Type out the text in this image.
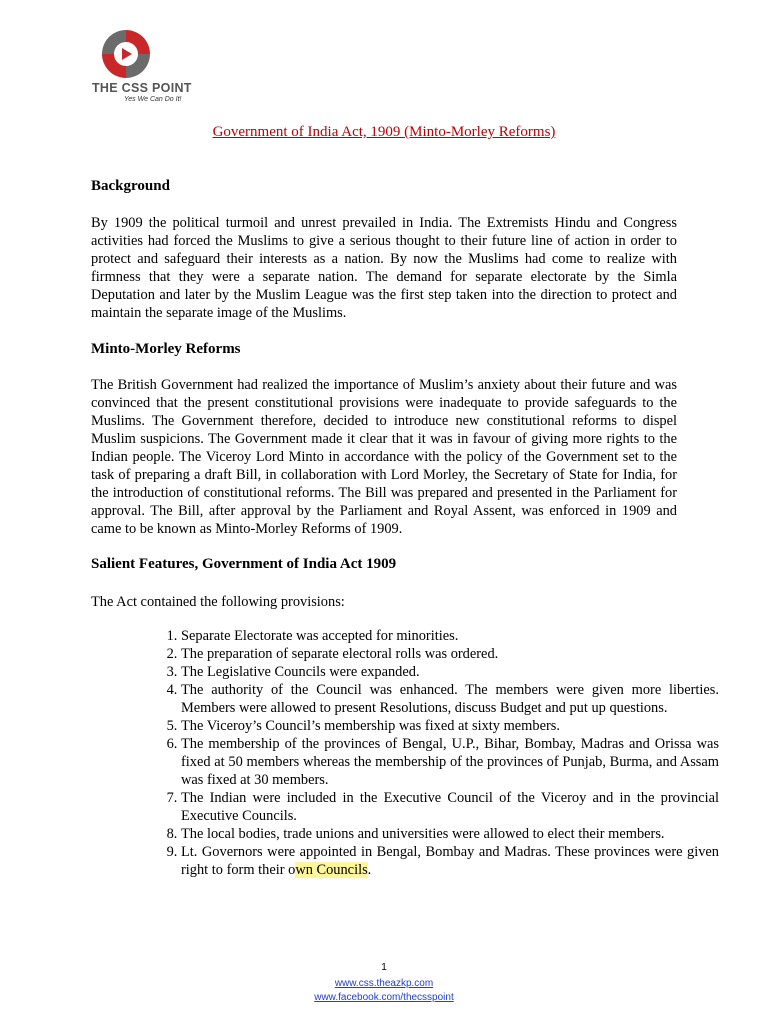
THE CSS POINT
Yes We Can Do It!
Government of India Act, 1909 (Minto-Morley Reforms)
Background
By 1909 the political turmoil and unrest prevailed in India. The Extremists Hindu and Congress activities had forced the Muslims to give a serious thought to their future line of action in order to protect and safeguard their interests as a nation. By now the Muslims had come to realize with firmness that they were a separate nation. The demand for separate electorate by the Simla Deputation and later by the Muslim League was the first step taken into the direction to protect and maintain the separate image of the Muslims.
Minto-Morley Reforms
The British Government had realized the importance of Muslim’s anxiety about their future and was convinced that the present constitutional provisions were inadequate to provide safeguards to the Muslims. The Government therefore, decided to introduce new constitutional reforms to dispel Muslim suspicions. The Government made it clear that it was in favour of giving more rights to the Indian people. The Viceroy Lord Minto in accordance with the policy of the Government set to the task of preparing a draft Bill, in collaboration with Lord Morley, the Secretary of State for India, for the introduction of constitutional reforms. The Bill was prepared and presented in the Parliament for approval. The Bill, after approval by the Parliament and Royal Assent, was enforced in 1909 and came to be known as Minto-Morley Reforms of 1909.
Salient Features, Government of India Act 1909
The Act contained the following provisions:
1. Separate Electorate was accepted for minorities.
2. The preparation of separate electoral rolls was ordered.
3. The Legislative Councils were expanded.
4. The authority of the Council was enhanced. The members were given more liberties. Members were allowed to present Resolutions, discuss Budget and put up questions.
5. The Viceroy’s Council’s membership was fixed at sixty members.
6. The membership of the provinces of Bengal, U.P., Bihar, Bombay, Madras and Orissa was fixed at 50 members whereas the membership of the provinces of Punjab, Burma, and Assam was fixed at 30 members.
7. The Indian were included in the Executive Council of the Viceroy and in the provincial Executive Councils.
8. The local bodies, trade unions and universities were allowed to elect their members.
9. Lt. Governors were appointed in Bengal, Bombay and Madras. These provinces were given right to form their own Councils.
1
www.css.theazkp.com
www.facebook.com/thecsspoint
